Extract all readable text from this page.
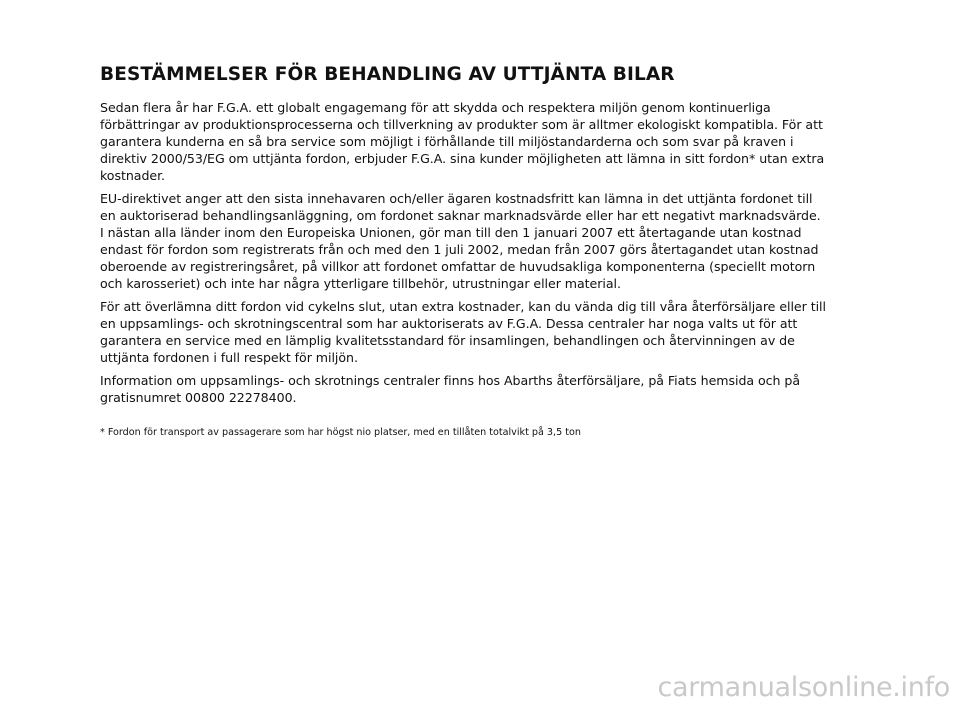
BESTÄMMELSER FÖR BEHANDLING AV UTTJÄNTA BILAR

Sedan flera år har F.G.A. ett globalt engagemang för att skydda och respektera miljön genom kontinuerliga förbättringar av produktionsprocesserna och tillverkning av produkter som är alltmer ekologiskt kompatibla. För att garantera kunderna en så bra service som möjligt i förhållande till miljöstandarderna och som svar på kraven i direktiv 2000/53/EG om uttjänta fordon, erbjuder F.G.A. sina kunder möjligheten att lämna in sitt fordon* utan extra kostnader.

EU-direktivet anger att den sista innehavaren och/eller ägaren kostnadsfritt kan lämna in det uttjänta fordonet till en auktoriserad behandlingsanläggning, om fordonet saknar marknadsvärde eller har ett negativt marknadsvärde. I nästan alla länder inom den Europeiska Unionen, gör man till den 1 januari 2007 ett återtagande utan kostnad endast för fordon som registrerats från och med den 1 juli 2002, medan från 2007 görs återtagandet utan kostnad oberoende av registreringsåret, på villkor att fordonet omfattar de huvudsakliga komponenterna (speciellt motorn och karosseriet) och inte har några ytterligare tillbehör, utrustningar eller material.

För att överlämna ditt fordon vid cykelns slut, utan extra kostnader, kan du vända dig till våra återförsäljare eller till en uppsamlings- och skrotningscentral som har auktoriserats av F.G.A. Dessa centraler har noga valts ut för att garantera en service med en lämplig kvalitetsstandard för insamlingen, behandlingen och återvinningen av de uttjänta fordonen i full respekt för miljön.

Information om uppsamlings- och skrotnings centraler finns hos Abarths återförsäljare, på Fiats hemsida och på gratisnumret 00800 22278400.

* Fordon för transport av passagerare som har högst nio platser, med en tillåten totalvikt på 3,5 ton
carmanualsonline.info
